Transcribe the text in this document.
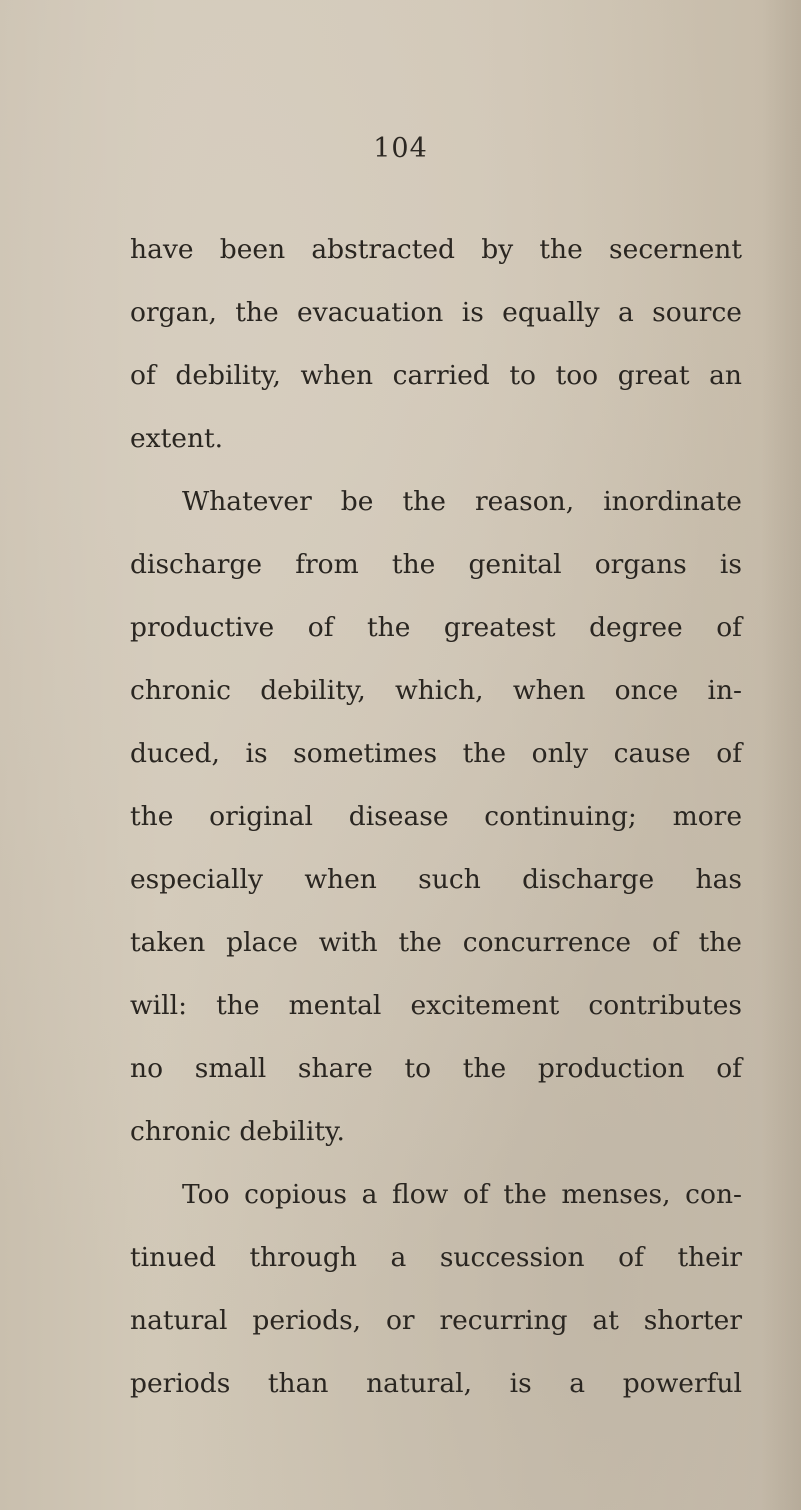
104
have been abstracted by the secernent
organ, the evacuation is equally a source
of debility, when carried to too great an
extent.
Whatever be the reason, inordinate
discharge from the genital organs is
productive of the greatest degree of
chronic debility, which, when once in-
duced, is sometimes the only cause of
the original disease continuing; more
especially when such discharge has
taken place with the concurrence of the
will: the mental excitement contributes
no small share to the production of
chronic debility.
Too copious a flow of the menses, con-
tinued through a succession of their
natural periods, or recurring at shorter
periods than natural, is a powerful
